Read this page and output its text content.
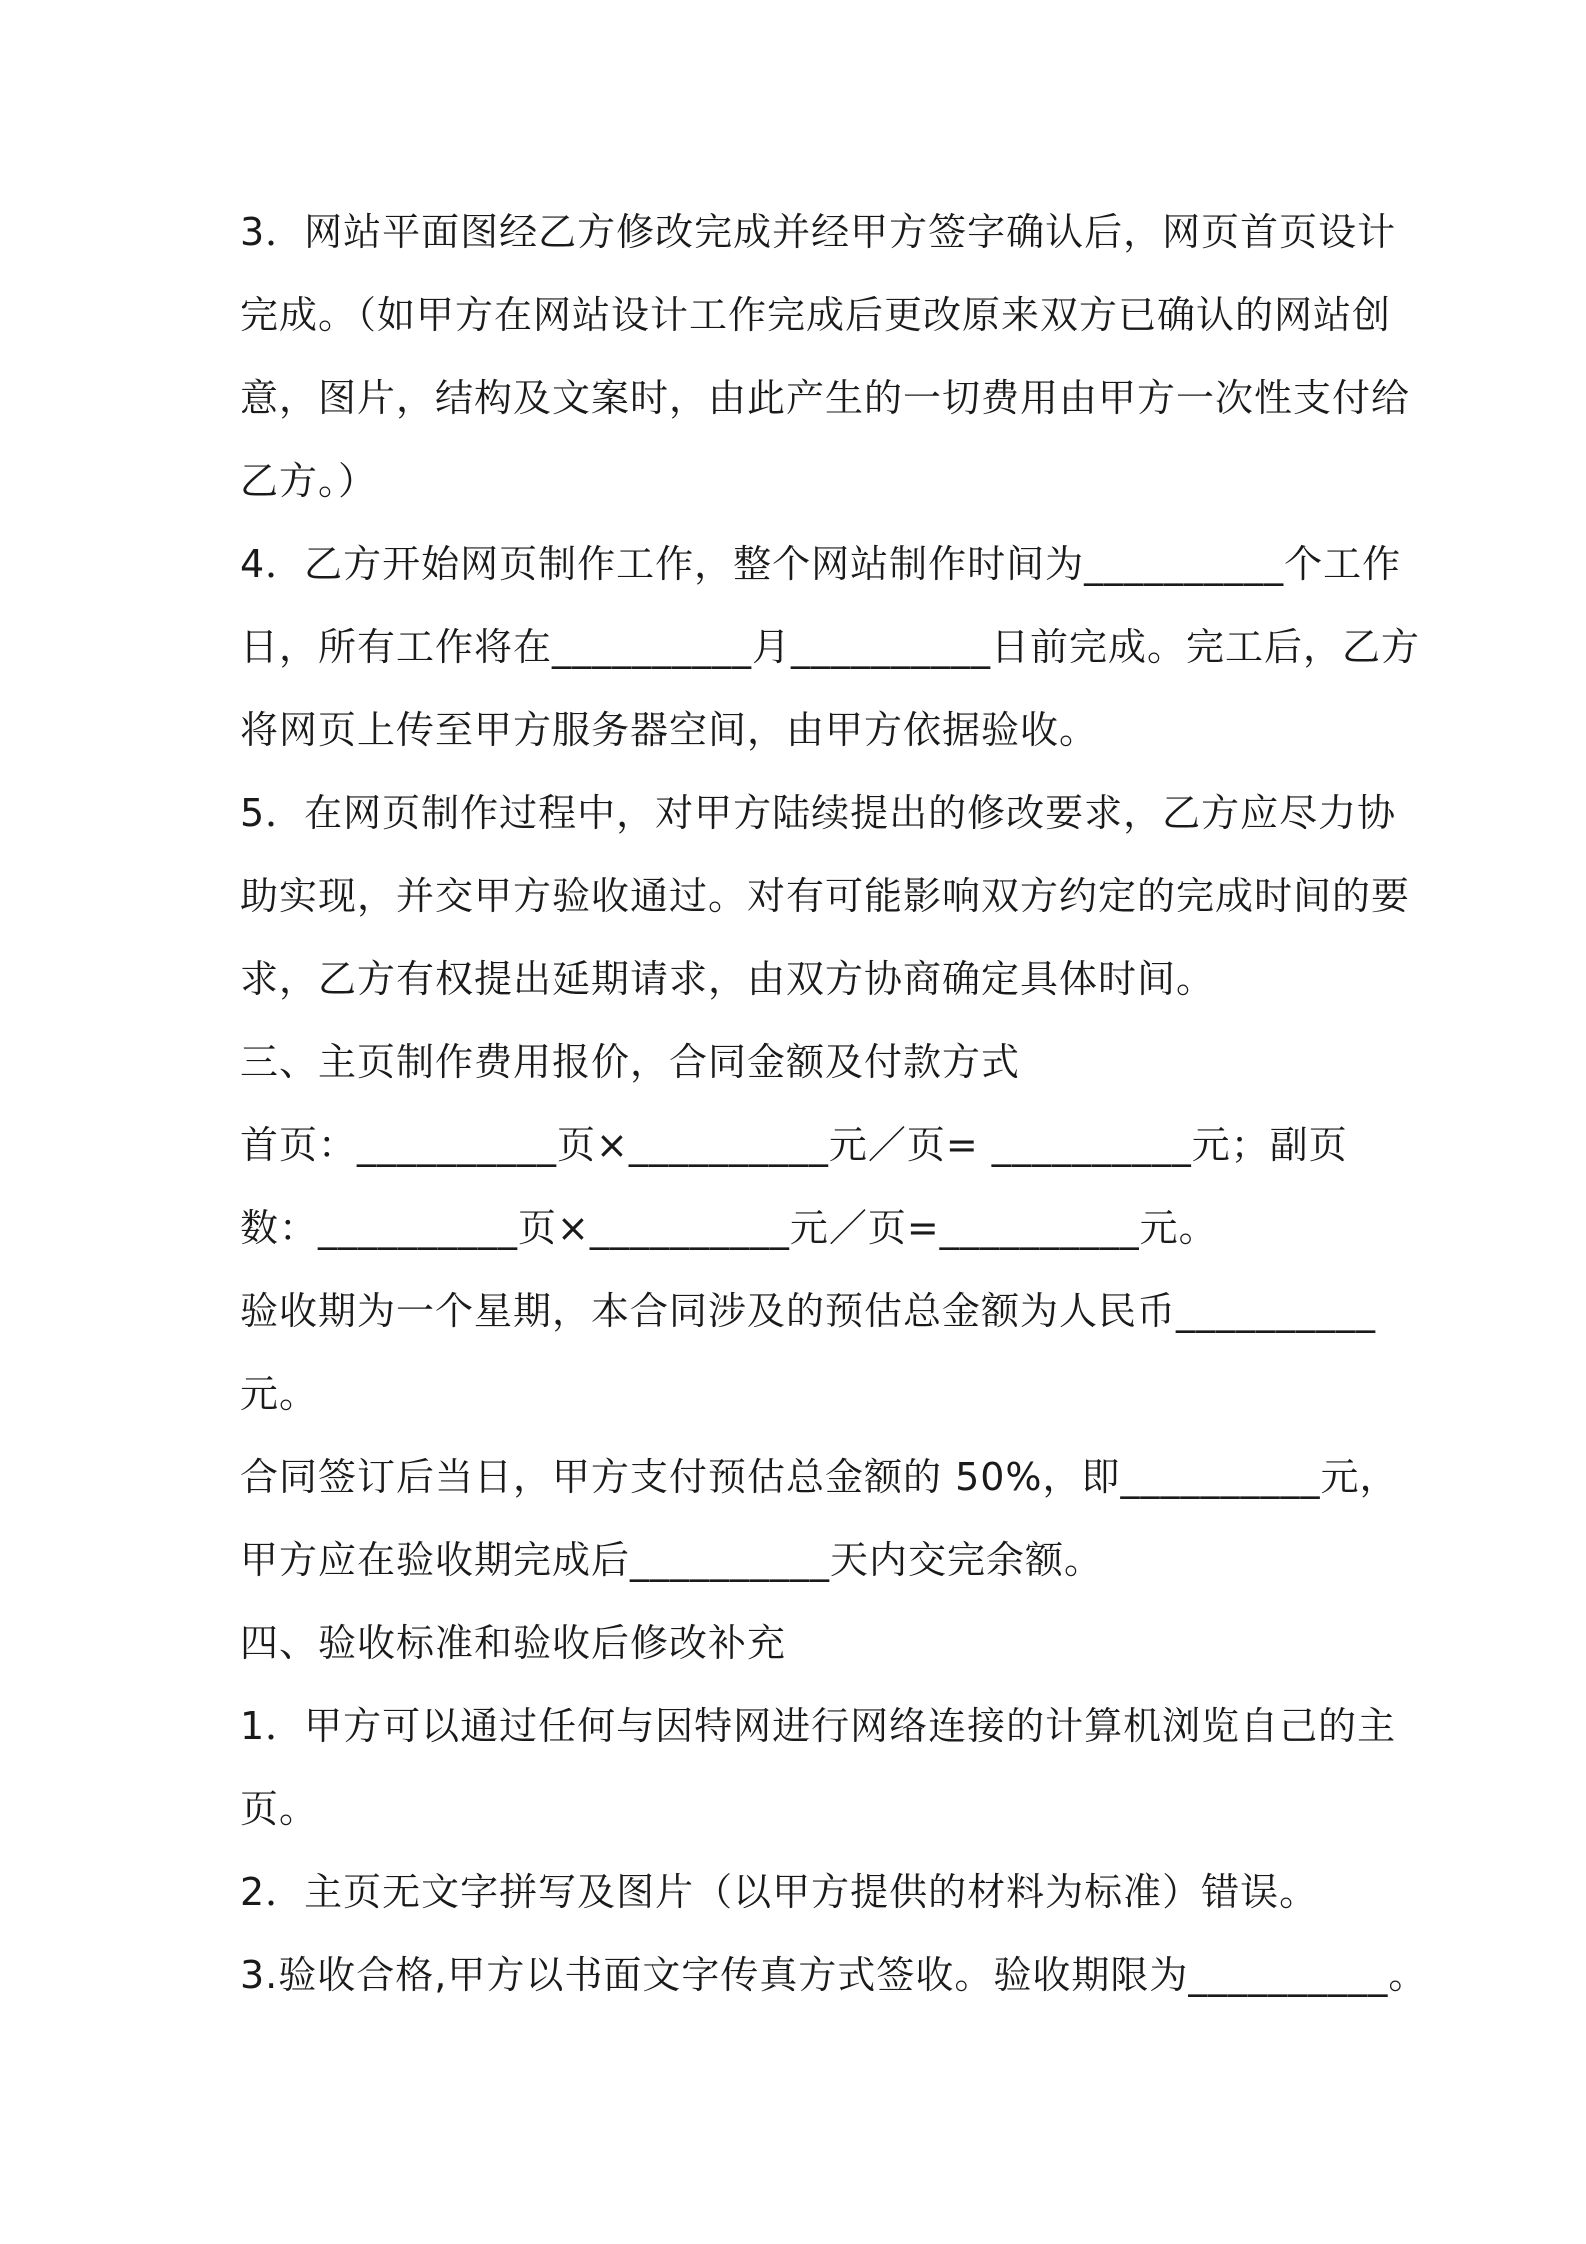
3．网站平面图经乙方修改完成并经甲方签字确认后，网页首页设计
完成。（如甲方在网站设计工作完成后更改原来双方已确认的网站创
意，图片，结构及文案时，由此产生的一切费用由甲方一次性支付给
乙方。）
4．乙方开始网页制作工作，整个网站制作时间为__________个工作
日，所有工作将在__________月__________日前完成。完工后，乙方
将网页上传至甲方服务器空间，由甲方依据验收。
5．在网页制作过程中，对甲方陆续提出的修改要求，乙方应尽力协
助实现，并交甲方验收通过。对有可能影响双方约定的完成时间的要
求，乙方有权提出延期请求，由双方协商确定具体时间。
三、主页制作费用报价，合同金额及付款方式
首页：__________页×__________元／页= __________元；副页
数：__________页×__________元／页=__________元。
验收期为一个星期，本合同涉及的预估总金额为人民币__________
元。
合同签订后当日，甲方支付预估总金额的 50%，即__________元，
甲方应在验收期完成后__________天内交完余额。
四、验收标准和验收后修改补充
1．甲方可以通过任何与因特网进行网络连接的计算机浏览自己的主
页。
2．主页无文字拼写及图片（以甲方提供的材料为标准）错误。
3.验收合格,甲方以书面文字传真方式签收。验收期限为__________。
